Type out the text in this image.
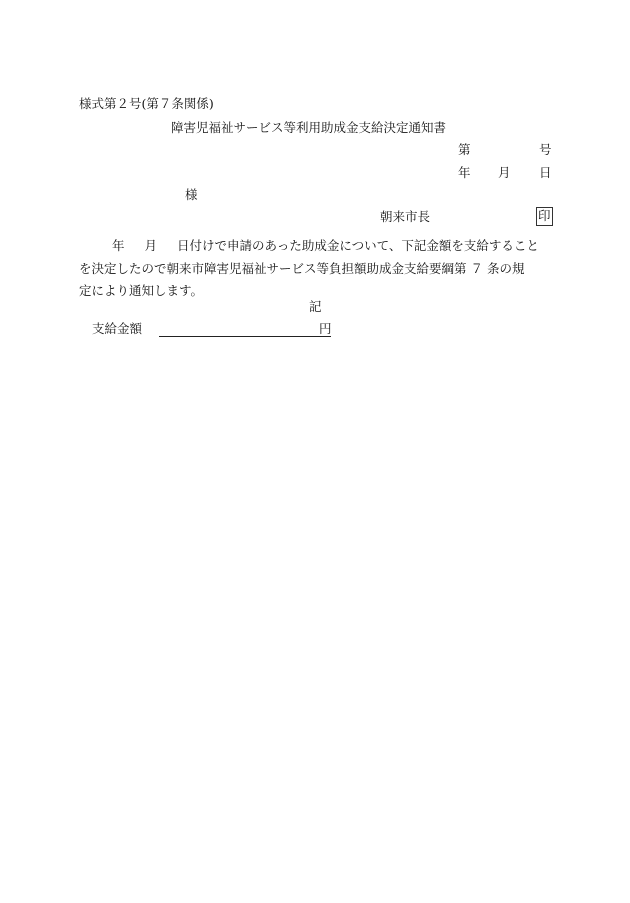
様式第２号(第７条関係)
障害児福祉サービス等利用助成金支給決定通知書
第	号
年 月 日
様
朝来市長	印
年 月 日付けで申請のあった助成金について、下記金額を支給すること
を決定したので朝来市障害児福祉サービス等負担額助成金支給要綱第 ７ 条の規
定により通知します。
記
支給金額	円
